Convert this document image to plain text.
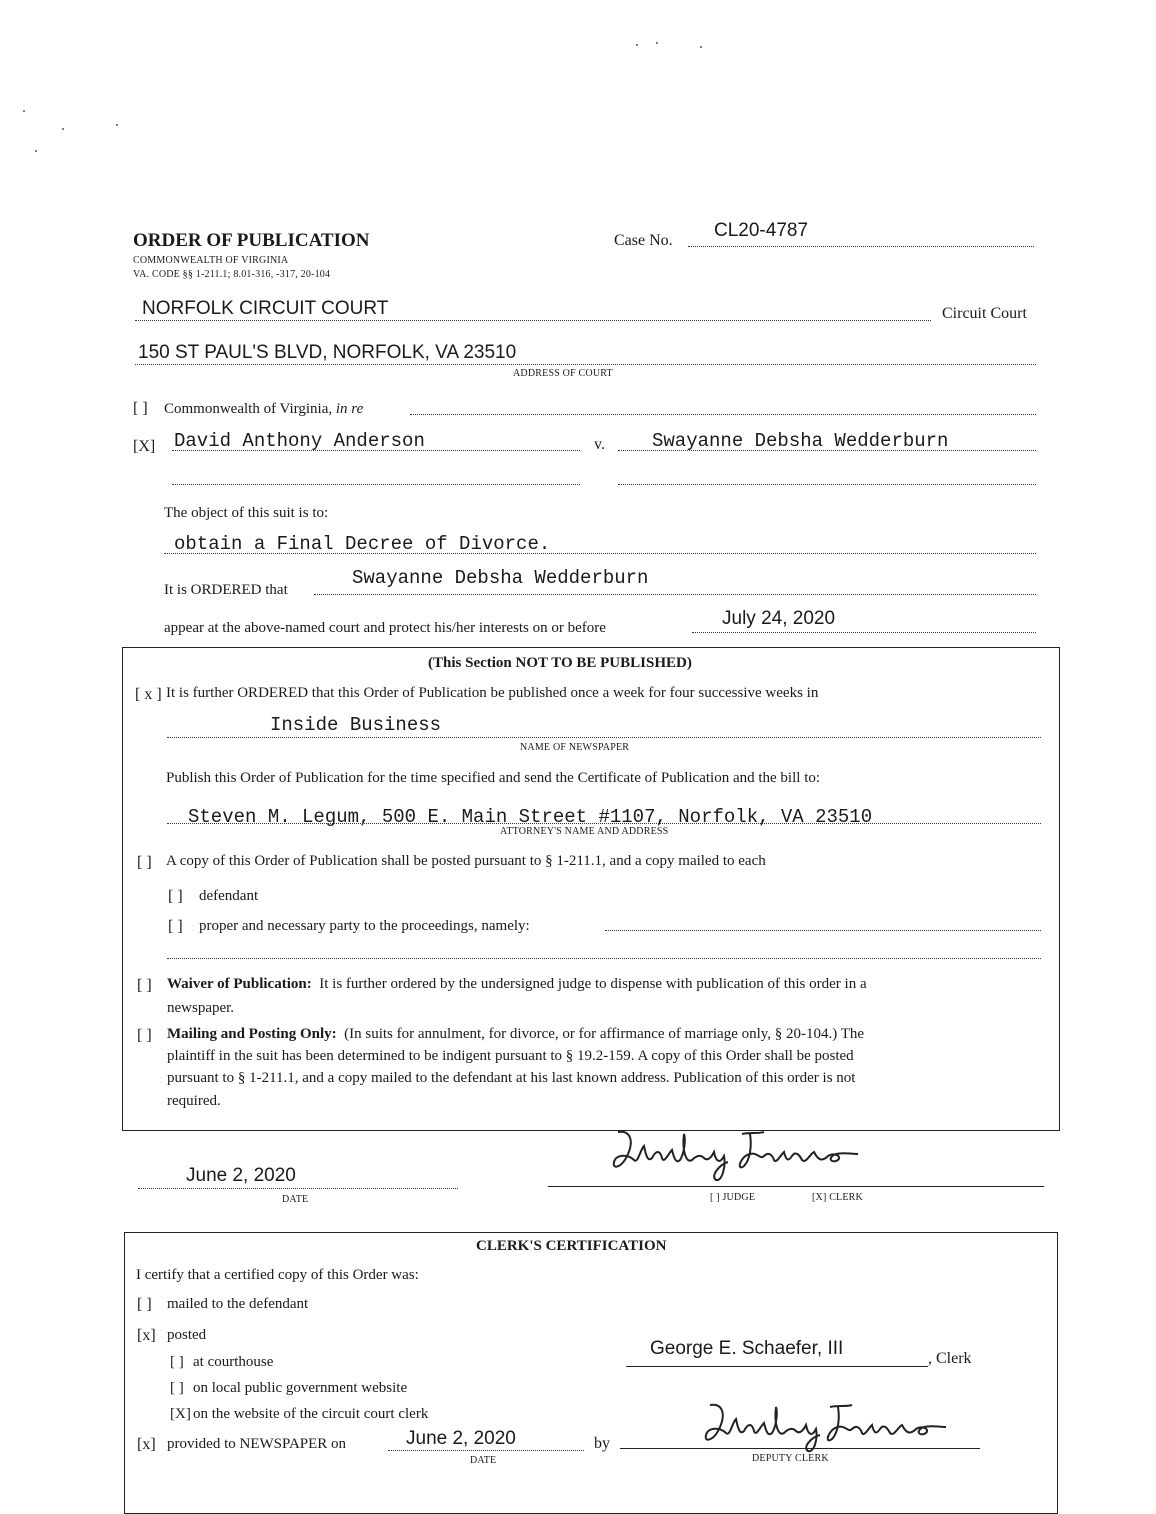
ORDER OF PUBLICATION
COMMONWEALTH OF VIRGINIA
VA. CODE §§ 1-211.1; 8.01-316, -317, 20-104
Case No. CL20-4787
NORFOLK CIRCUIT COURT	Circuit Court
150 ST PAUL'S BLVD, NORFOLK, VA 23510
ADDRESS OF COURT
[ ] Commonwealth of Virginia, in re
[X] David Anthony Anderson	v. Swayanne Debsha Wedderburn
The object of this suit is to:
obtain a Final Decree of Divorce.
It is ORDERED that
Swayanne Debsha Wedderburn
appear at the above-named court and protect his/her interests on or before	July 24, 2020
(This Section NOT TO BE PUBLISHED)
[ x ] It is further ORDERED that this Order of Publication be published once a week for four successive weeks in
Inside Business
NAME OF NEWSPAPER
Publish this Order of Publication for the time specified and send the Certificate of Publication and the bill to:
Steven M. Legum, 500 E. Main Street #1107, Norfolk, VA 23510
ATTORNEY'S NAME AND ADDRESS
[ ] A copy of this Order of Publication shall be posted pursuant to § 1-211.1, and a copy mailed to each
[ ] defendant
[ ] proper and necessary party to the proceedings, namely:
[ ] Waiver of Publication: It is further ordered by the undersigned judge to dispense with publication of this order in a
newspaper.
[ ] Mailing and Posting Only: (In suits for annulment, for divorce, or for affirmance of marriage only, § 20-104.) The
plaintiff in the suit has been determined to be indigent pursuant to § 19.2-159. A copy of this Order shall be posted
pursuant to § 1-211.1, and a copy mailed to the defendant at his last known address. Publication of this order is not
required.
June 2, 2020
DATE	[ ] JUDGE	[X] CLERK
CLERK'S CERTIFICATION
I certify that a certified copy of this Order was:
[ ] mailed to the defendant
[x] posted
[ ] at courthouse
[ ] on local public government website
[X] on the website of the circuit court clerk
[x] provided to NEWSPAPER on	June 2, 2020
DATE
by
George E. Schaefer, III	, Clerk
DEPUTY CLERK
